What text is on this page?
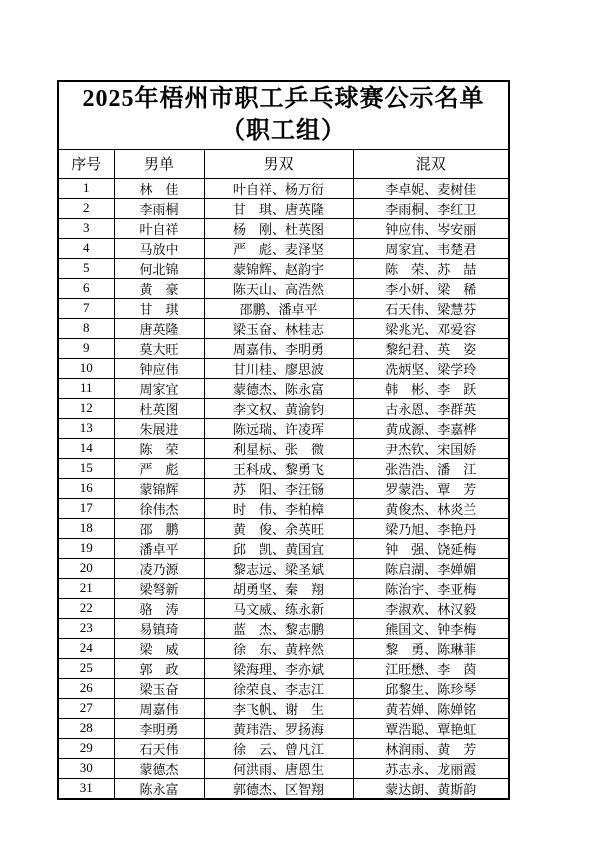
2025年梧州市职工乒乓球赛公示名单
（职工组）			

序号	男单	男双	混双
1	林　佳	叶自祥、杨万衍	李卓妮、麦树佳
2	李雨桐	甘　琪、唐英隆	李雨桐、李红卫
3	叶自祥	杨　刚、杜英图	钟应伟、岑安丽
4	马放中	严　彪、麦泽坚	周家宜、韦楚君
5	何北锦	蒙锦辉、赵韵宇	陈　荣、苏　喆
6	黄　豪	陈天山、高浩然	李小妍、梁　稀
7	甘　琪	邵鹏、潘卓平	石天伟、梁慧芬
8	唐英隆	梁玉奋、林桂志	梁兆光、邓爱容
9	莫大旺	周嘉伟、李明勇	黎纪君、英　姿
10	钟应伟	甘川桂、廖思波	冼炳坚、梁学玲
11	周家宜	蒙德杰、陈永富	韩　彬、李　跃
12	杜英图	李文权、黄渝钧	古永恩、李群英
13	朱展进	陈远瑞、许凌珲	黄成源、李嘉桦
14	陈　荣	利星标、张　微	尹杰钦、宋国娇
15	严　彪	王科成、黎勇飞	张浩浩、潘　江
16	蒙锦辉	苏　阳、李汪铴	罗蒙浩、覃　芳
17	徐伟杰	时　伟、李柏樟	黄俊杰、林炎兰
18	邵　鹏	黄　俊、余英旺	梁乃旭、李艳丹
19	潘卓平	邱　凯、黄国宜	钟　强、饶延梅
20	凌乃源	黎志远、梁圣斌	陈启湖、李婵媚
21	梁弩新	胡勇坚、秦　翔	陈治宇、李亚梅
22	骆　涛	马文威、练永新	李淑欢、林汉毅
23	易镇琦	蓝　杰、黎志鹏	熊国文、钟李梅
24	梁　威	徐　东、黄梓然	黎　勇、陈琳菲
25	郭　政	梁海理、李亦斌	江旺懋、李　茵
26	梁玉奋	徐荣良、李志江	邱黎生、陈珍琴
27	周嘉伟	李飞帆、谢　生	黄若婵、陈婵铭
28	李明勇	黄玮浩、罗扬海	覃浩聪、覃艳虹
29	石天伟	徐　云、曾凡江	林润雨、黄　芳
30	蒙德杰	何洪雨、唐恩生	苏志永、龙丽霞
31	陈永富	郭德杰、区智翔	蒙达朗、黄斯韵
